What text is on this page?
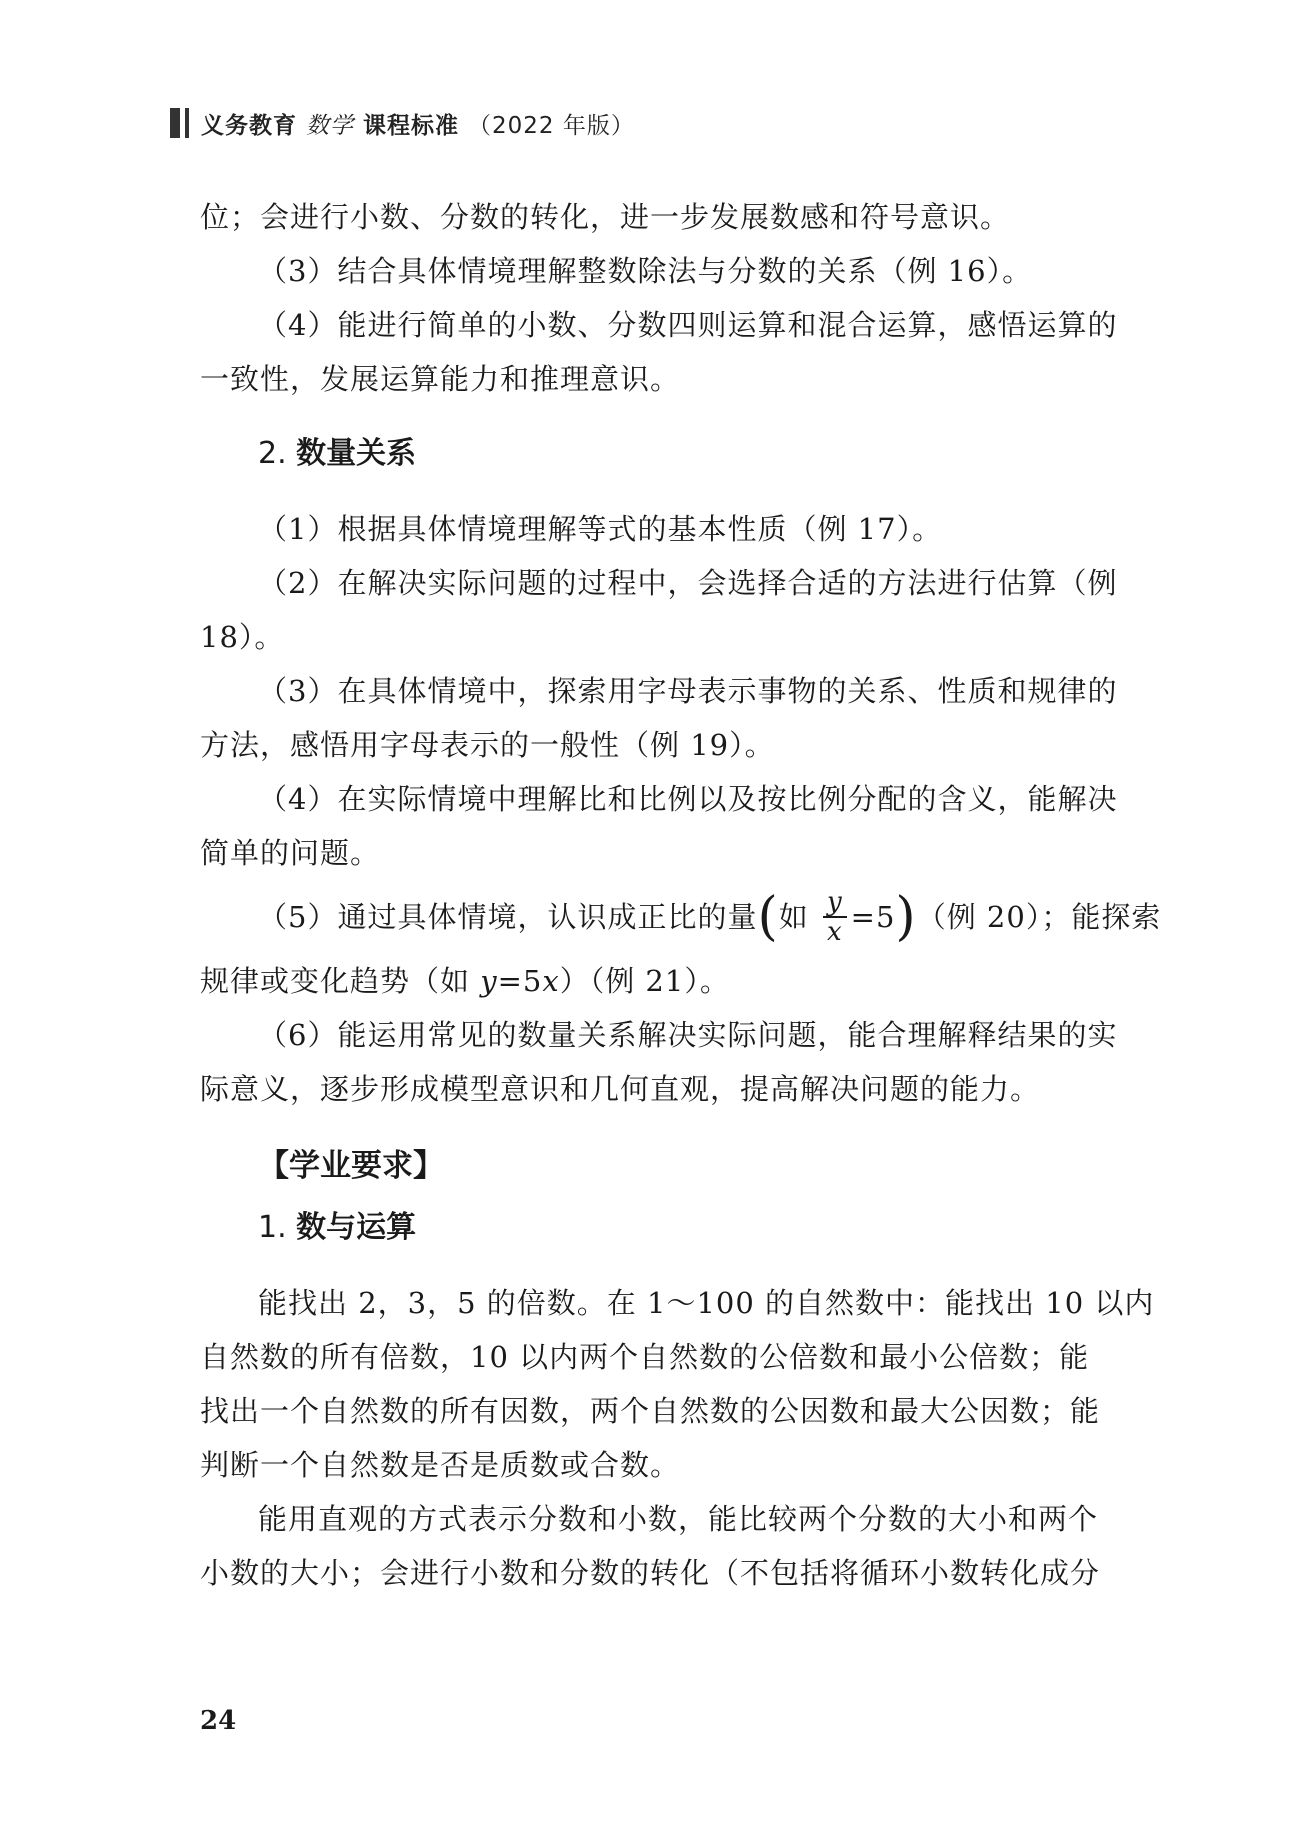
义务教育 数学 课程标准 （2022 年版）
位；会进行小数、分数的转化，进一步发展数感和符号意识。
（3）结合具体情境理解整数除法与分数的关系（例 16）。
（4）能进行简单的小数、分数四则运算和混合运算，感悟运算的
一致性，发展运算能力和推理意识。
2. 数量关系
（1）根据具体情境理解等式的基本性质（例 17）。
（2）在解决实际问题的过程中，会选择合适的方法进行估算（例
18）。
（3）在具体情境中，探索用字母表示事物的关系、性质和规律的
方法，感悟用字母表示的一般性（例 19）。
（4）在实际情境中理解比和比例以及按比例分配的含义，能解决
简单的问题。
（5）通过具体情境，认识成正比的量 ( 如 $\frac{y}{x} =5$ ) （例 20）；能探索
规律或变化趋势（如 y=5x）（例 21）。
（6）能运用常见的数量关系解决实际问题，能合理解释结果的实
际意义，逐步形成模型意识和几何直观，提高解决问题的能力。
【学业要求】
1. 数与运算
能找出 2，3，5 的倍数。在 1～100 的自然数中：能找出 10 以内
自然数的所有倍数，10 以内两个自然数的公倍数和最小公倍数；能
找出一个自然数的所有因数，两个自然数的公因数和最大公因数；能
判断一个自然数是否是质数或合数。
能用直观的方式表示分数和小数，能比较两个分数的大小和两个
小数的大小；会进行小数和分数的转化（不包括将循环小数转化成分
24
